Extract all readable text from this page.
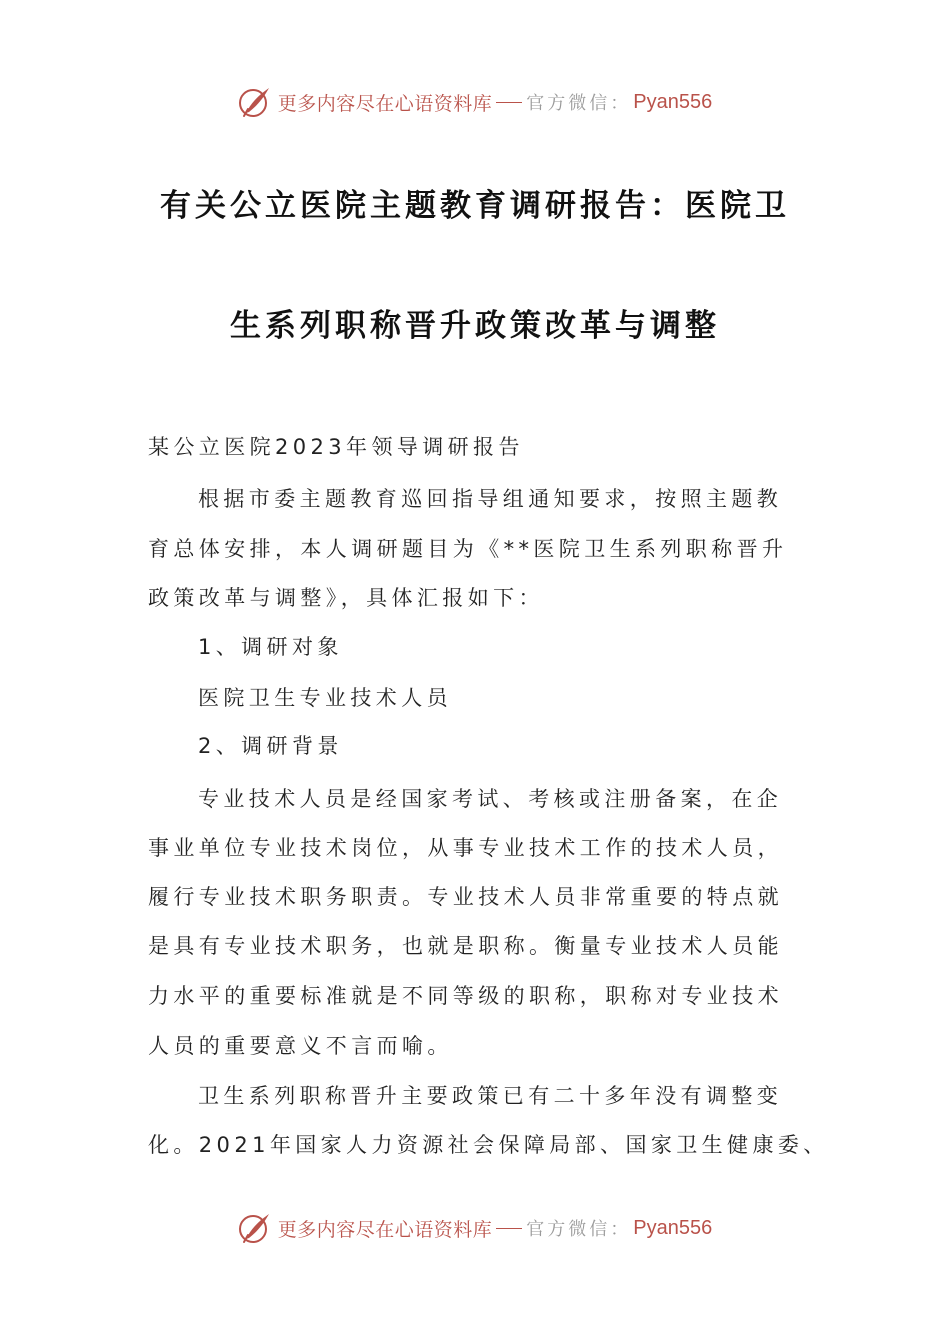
更多内容尽在心语资料库 官方微信： Pyan556
有关公立医院主题教育调研报告：医院卫
生系列职称晋升政策改革与调整
某公立医院2023年领导调研报告
根据市委主题教育巡回指导组通知要求，按照主题教
育总体安排，本人调研题目为《**医院卫生系列职称晋升
政策改革与调整》，具体汇报如下：
1、调研对象
医院卫生专业技术人员
2、调研背景
专业技术人员是经国家考试、考核或注册备案，在企
事业单位专业技术岗位，从事专业技术工作的技术人员，
履行专业技术职务职责。专业技术人员非常重要的特点就
是具有专业技术职务，也就是职称。衡量专业技术人员能
力水平的重要标准就是不同等级的职称，职称对专业技术
人员的重要意义不言而喻。
卫生系列职称晋升主要政策已有二十多年没有调整变
化。2021年国家人力资源社会保障局部、国家卫生健康委、
更多内容尽在心语资料库 官方微信： Pyan556
